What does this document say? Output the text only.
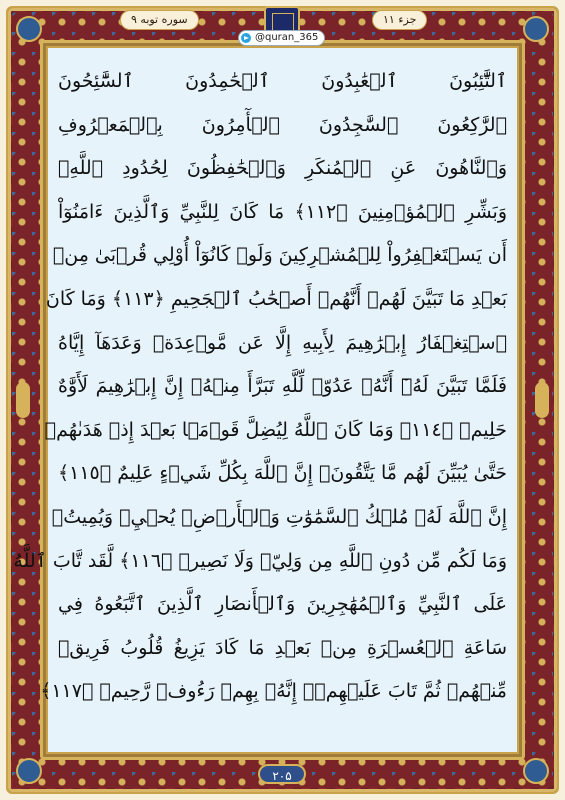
سوره توبه ۹	جزء ۱۱
@quran_365
ٱلتَّٰٓئِبُونَ ٱلۡعَٰبِدُونَ ٱلۡحَٰمِدُونَ ٱلسَّٰٓئِحُونَ
ٱلرَّٰكِعُونَ ٱلسَّٰجِدُونَ ٱلۡأٓمِرُونَ بِٱلۡمَعۡرُوفِ
وَٱلنَّاهُونَ عَنِ ٱلۡمُنكَرِ وَٱلۡحَٰفِظُونَ لِحُدُودِ ٱللَّهِۗ
وَبَشِّرِ ٱلۡمُؤۡمِنِينَ ﴿١١٢﴾ مَا كَانَ لِلنَّبِيِّ وَٱلَّذِينَ ءَامَنُوٓاْ
أَن يَسۡتَغۡفِرُواْ لِلۡمُشۡرِكِينَ وَلَوۡ كَانُوٓاْ أُوْلِي قُرۡبَىٰ مِنۢ
بَعۡدِ مَا تَبَيَّنَ لَهُمۡ أَنَّهُمۡ أَصۡحَٰبُ ٱلۡجَحِيمِ ﴿١١٣﴾ وَمَا كَانَ
ٱسۡتِغۡفَارُ إِبۡرَٰهِيمَ لِأَبِيهِ إِلَّا عَن مَّوۡعِدَةٖ وَعَدَهَآ إِيَّاهُ
فَلَمَّا تَبَيَّنَ لَهُۥٓ أَنَّهُۥ عَدُوّٞ لِّلَّهِ تَبَرَّأَ مِنۡهُۚ إِنَّ إِبۡرَٰهِيمَ لَأَوَّٰهٌ
حَلِيمٞ ﴿١١٤﴾ وَمَا كَانَ ٱللَّهُ لِيُضِلَّ قَوۡمَۢا بَعۡدَ إِذۡ هَدَىٰهُمۡ
حَتَّىٰ يُبَيِّنَ لَهُم مَّا يَتَّقُونَۚ إِنَّ ٱللَّهَ بِكُلِّ شَيۡءٍ عَلِيمٌ ﴿١١٥﴾
إِنَّ ٱللَّهَ لَهُۥ مُلۡكُ ٱلسَّمَٰوَٰتِ وَٱلۡأَرۡضِۖ يُحۡيِۦ وَيُمِيتُۚ
وَمَا لَكُم مِّن دُونِ ٱللَّهِ مِن وَلِيّٖ وَلَا نَصِيرٖ ﴿١١٦﴾ لَّقَد تَّابَ ٱللَّهُ
عَلَى ٱلنَّبِيِّ وَٱلۡمُهَٰجِرِينَ وَٱلۡأَنصَارِ ٱلَّذِينَ ٱتَّبَعُوهُ فِي
سَاعَةِ ٱلۡعُسۡرَةِ مِنۢ بَعۡدِ مَا كَادَ يَزِيغُ قُلُوبُ فَرِيقٖ
مِّنۡهُمۡ ثُمَّ تَابَ عَلَيۡهِمۡۚ إِنَّهُۥ بِهِمۡ رَءُوفٞ رَّحِيمٞ ﴿١١٧﴾
۲۰۵
